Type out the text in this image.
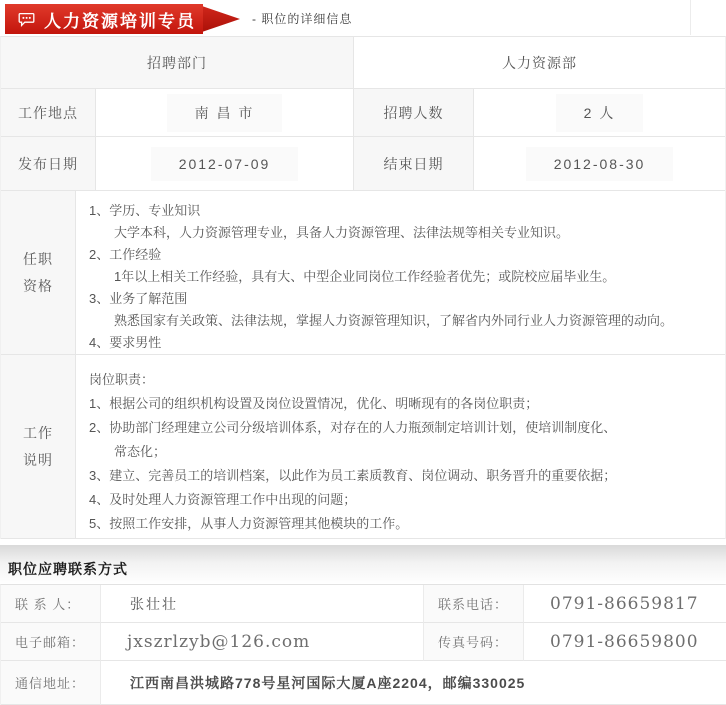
人力资源培训专员	- 职位的详细信息
招聘部门	人力资源部
工作地点	南 昌 市	招聘人数	2 人
发布日期	2012-07-09	结束日期	2012-08-30
任职
资格

1、学历、专业知识

大学本科，人力资源管理专业，具备人力资源管理、法律法规等相关专业知识。

2、工作经验

1年以上相关工作经验，具有大、中型企业同岗位工作经验者优先；或院校应届毕业生。

3、业务了解范围

熟悉国家有关政策、法律法规，掌握人力资源管理知识，了解省内外同行业人力资源管理的动向。

4、要求男性

工作
说明

岗位职责：

1、根据公司的组织机构设置及岗位设置情况，优化、明晰现有的各岗位职责；

2、协助部门经理建立公司分级培训体系，对存在的人力瓶颈制定培训计划，使培训制度化、

常态化；

3、建立、完善员工的培训档案，以此作为员工素质教育、岗位调动、职务晋升的重要依据；

4、及时处理人力资源管理工作中出现的问题；

5、按照工作安排，从事人力资源管理其他模块的工作。

职位应聘联系方式
联 系 人：	张壮壮	联系电话：	0791-86659817
电子邮箱：	jxszrlzyb@126.com	传真号码：	0791-86659800
通信地址：	江西南昌洪城路778号星河国际大厦A座2204，邮编330025
